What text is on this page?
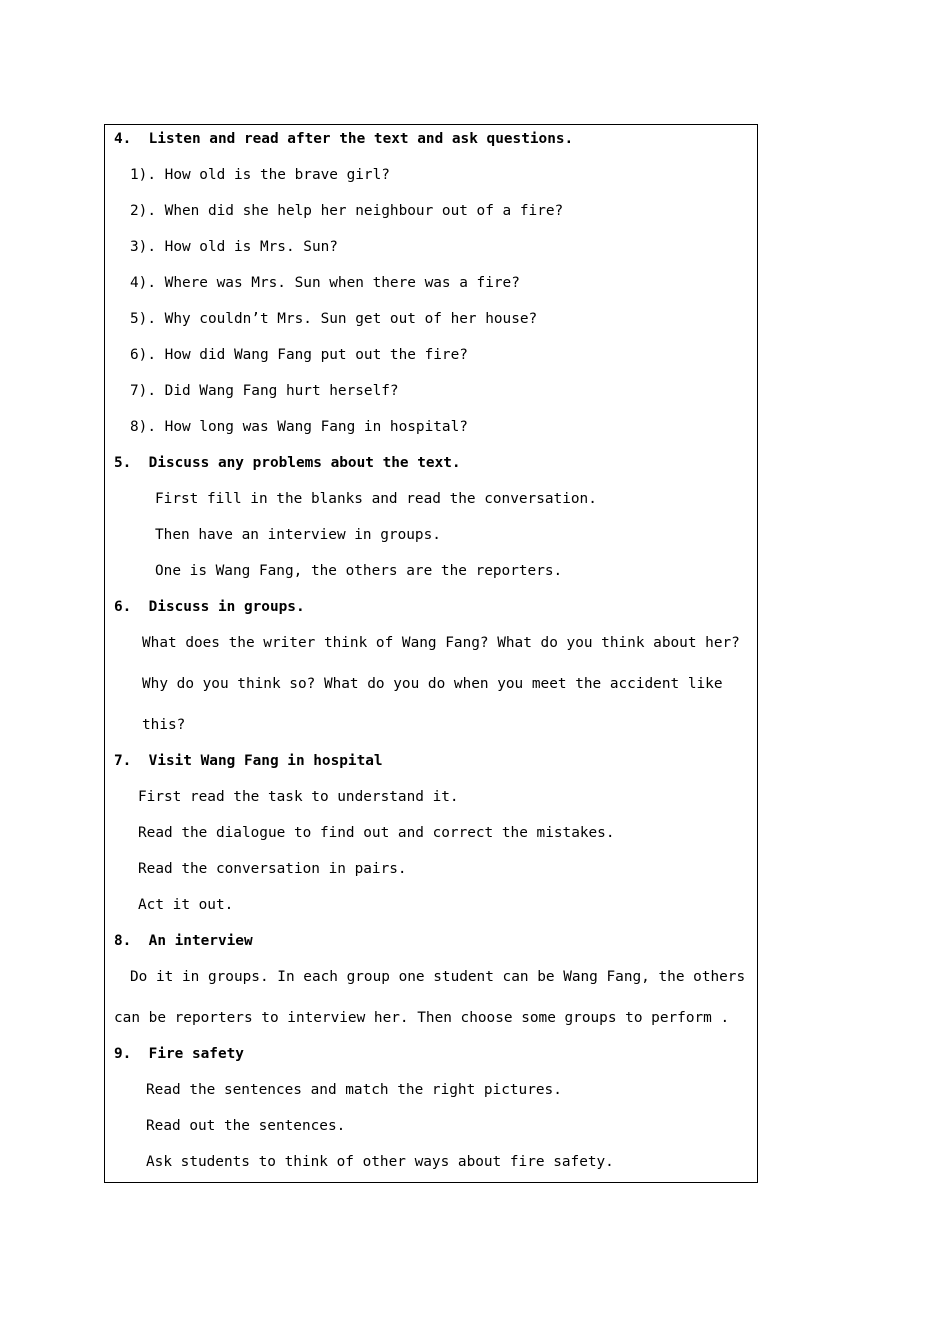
4.  Listen and read after the text and ask questions.
1). How old is the brave girl?
2). When did she help her neighbour out of a fire?
3). How old is Mrs. Sun?
4). Where was Mrs. Sun when there was a fire?
5). Why couldn’t Mrs. Sun get out of her house?
6). How did Wang Fang put out the fire?
7). Did Wang Fang hurt herself?
8). How long was Wang Fang in hospital?
5.  Discuss any problems about the text.
First fill in the blanks and read the conversation.
Then have an interview in groups.
One is Wang Fang, the others are the reporters.
6.  Discuss in groups.
What does the writer think of Wang Fang? What do you think about her?
Why do you think so? What do you do when you meet the accident like
this?
7.  Visit Wang Fang in hospital
First read the task to understand it.
Read the dialogue to find out and correct the mistakes.
Read the conversation in pairs.
Act it out.
8.  An interview
Do it in groups. In each group one student can be Wang Fang, the others
can be reporters to interview her. Then choose some groups to perform .
9.  Fire safety
Read the sentences and match the right pictures.
Read out the sentences.
Ask students to think of other ways about fire safety.
